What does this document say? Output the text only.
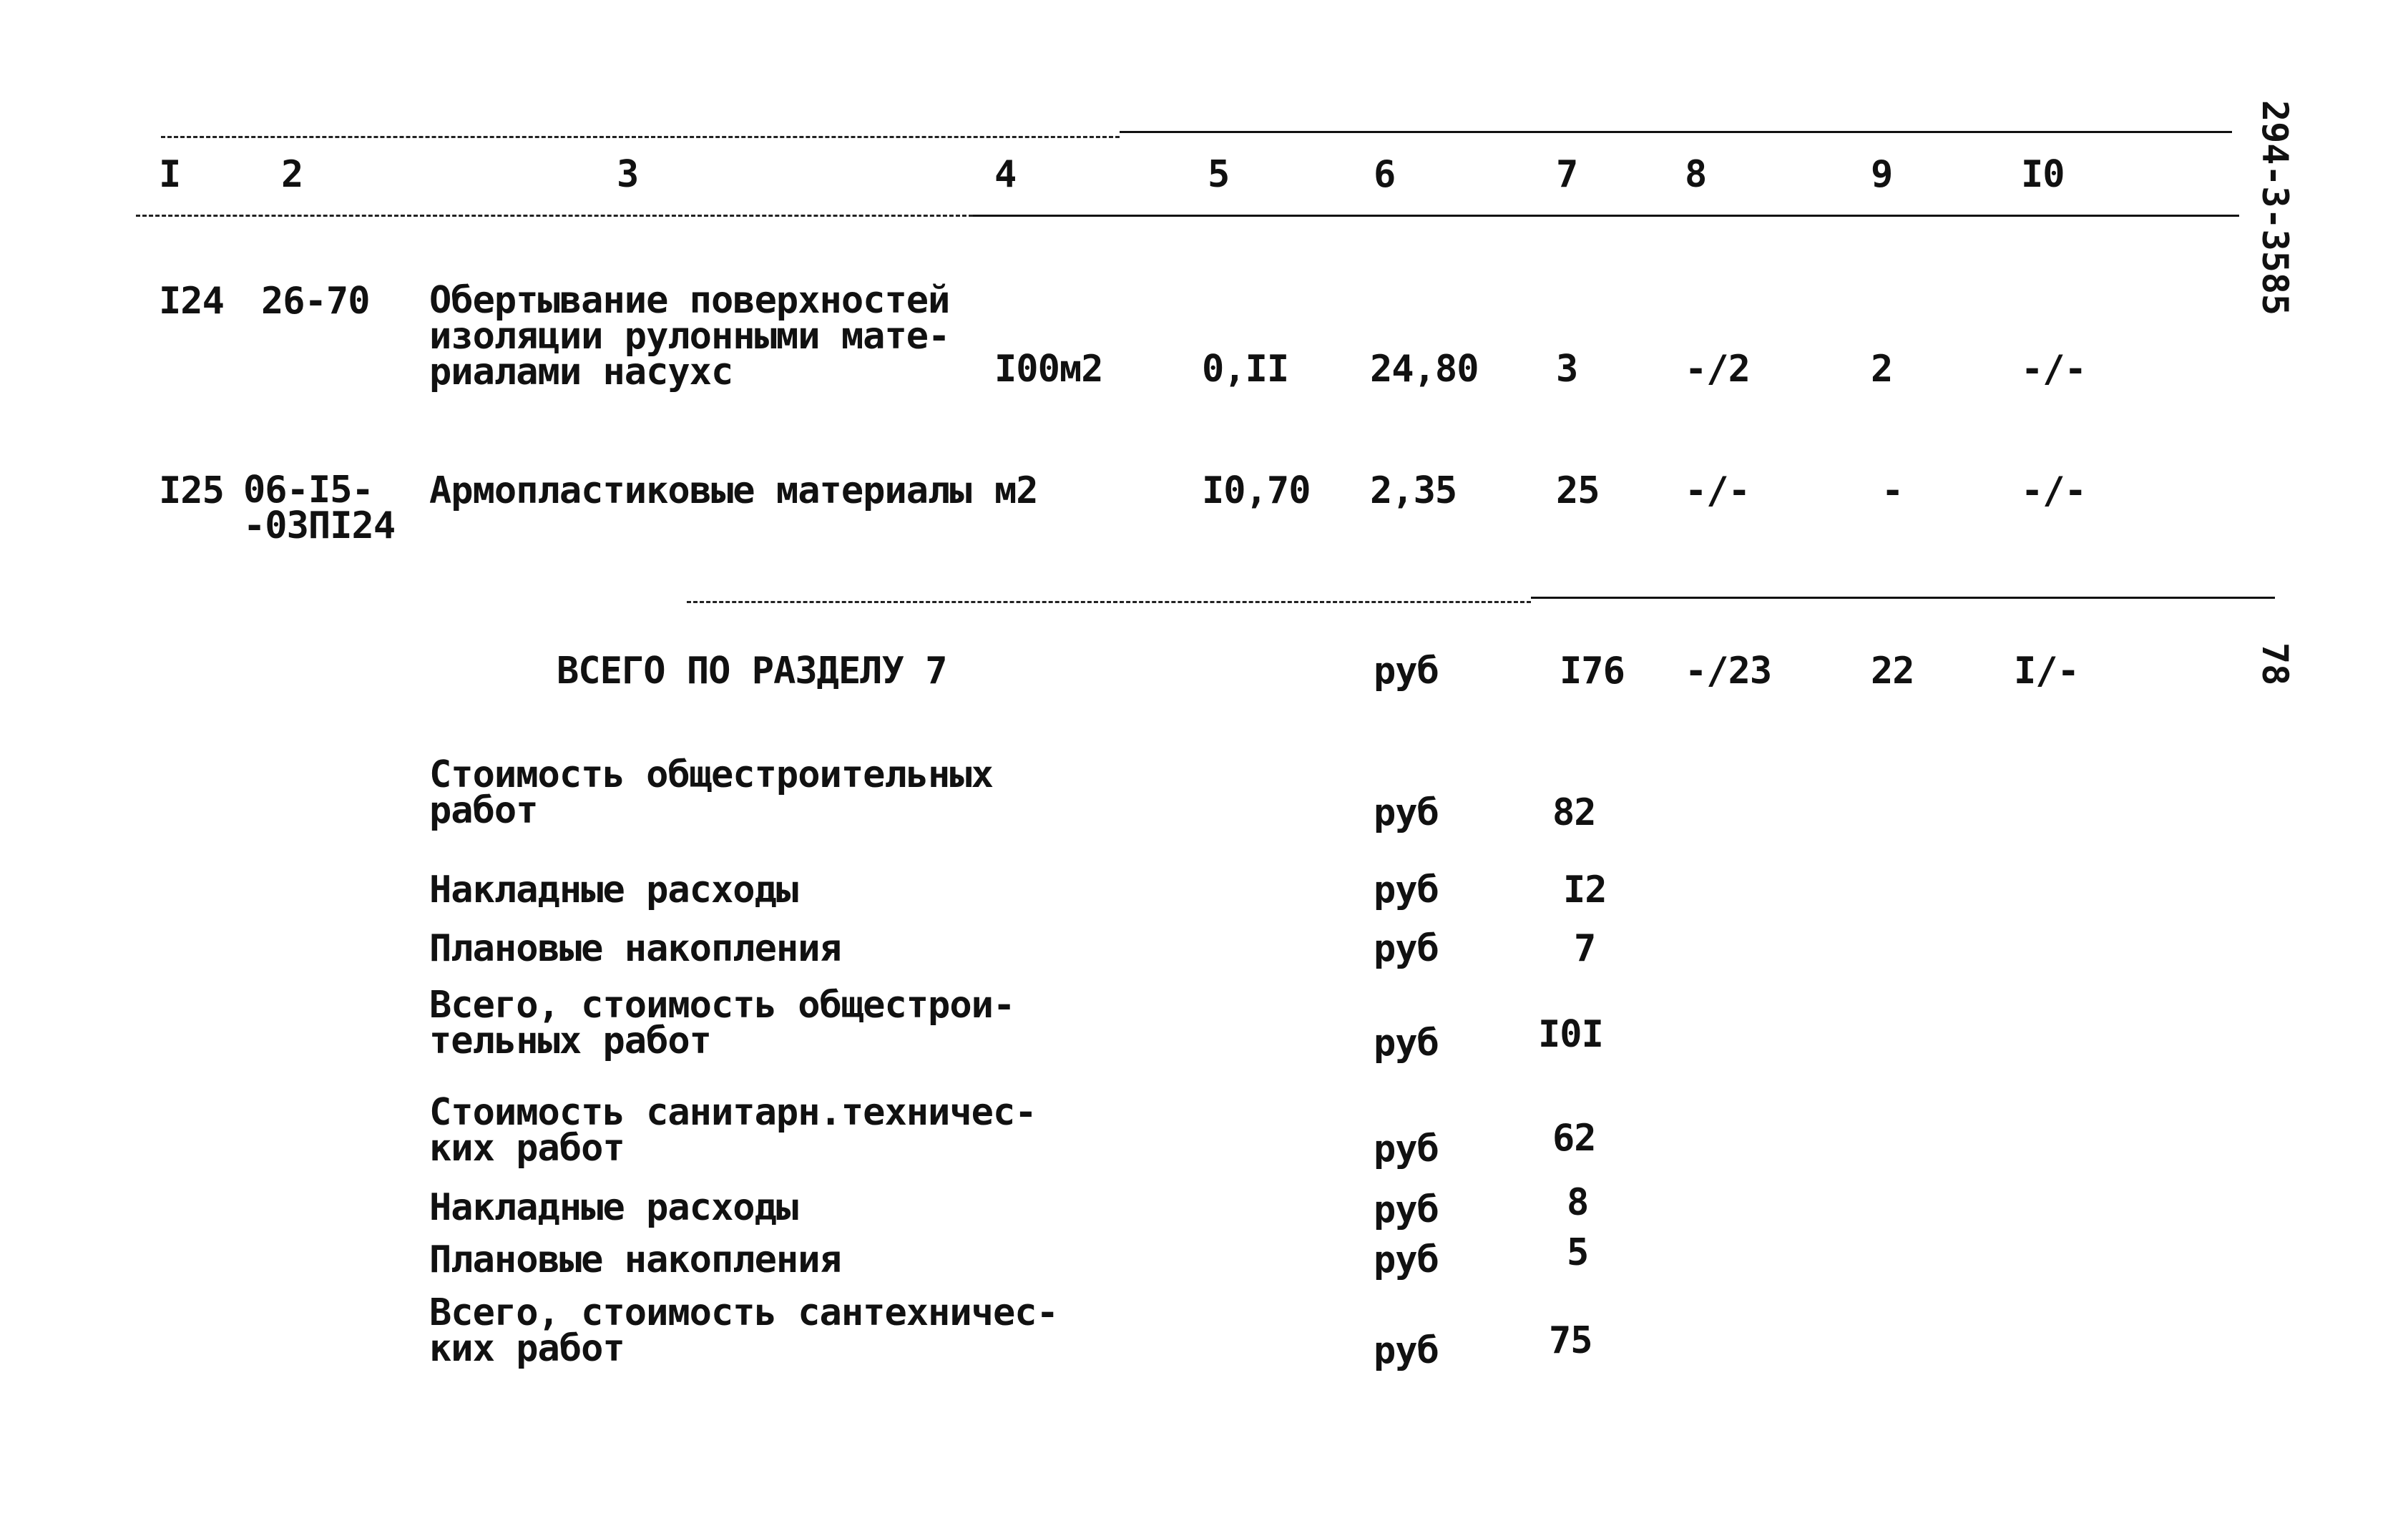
294-3-3585
I	2	3	4	5	6	7	8	9	I0
I24 26-70 Обертывание поверхностей
изоляции рулонными мате-
риалами насухс	I00м2	0,II 24,80 3	-/2	2	-/-
I25 06-I5-
-03ПI24
Армопластиковые материалы м2	I0,70 2,35	25 -/-	-	-/-
ВСЕГО ПО РАЗДЕЛУ 7	руб	I76 -/23	22	I/-	78
Стоимость общестроительных
работ	руб	82
Накладные расходы	руб	I2
Плановые накопления	руб	7
Всего, стоимость общестрои-
тельных работ	руб	I0I
Стоимость санитарн.техничес-
ких работ	руб	62
Накладные расходы	руб	8
Плановые накопления	руб	5
Всего, стоимость сантехничес-
ких работ	руб	75
